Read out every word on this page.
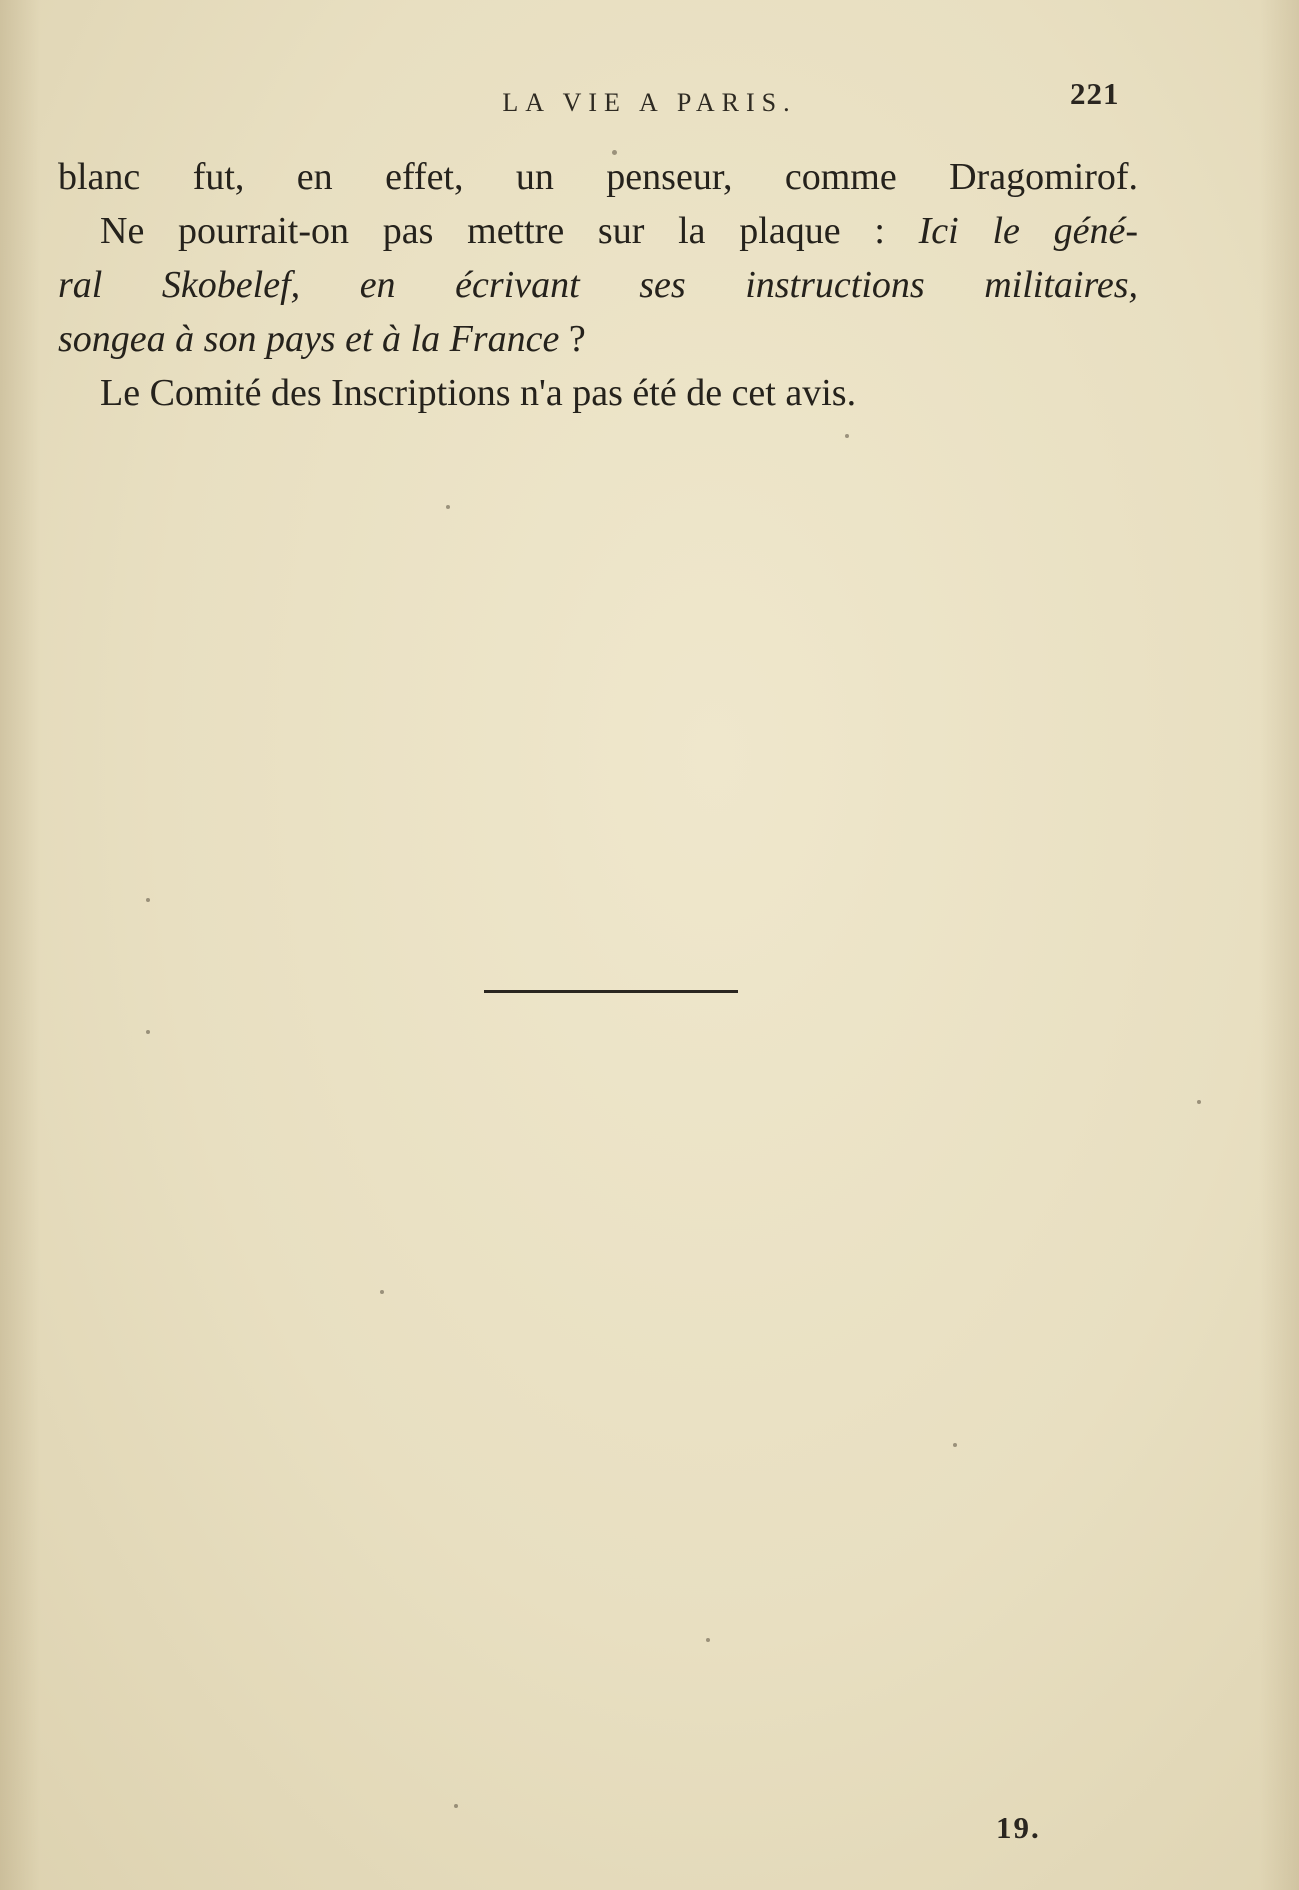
LA VIE A PARIS.	221
blanc fut, en effet, un penseur, comme Dragomirof.
Ne pourrait-on pas mettre sur la plaque : Ici le géné-
ral Skobelef, en écrivant ses instructions militaires,
songea à son pays et à la France ?
Le Comité des Inscriptions n'a pas été de cet avis.
19.
